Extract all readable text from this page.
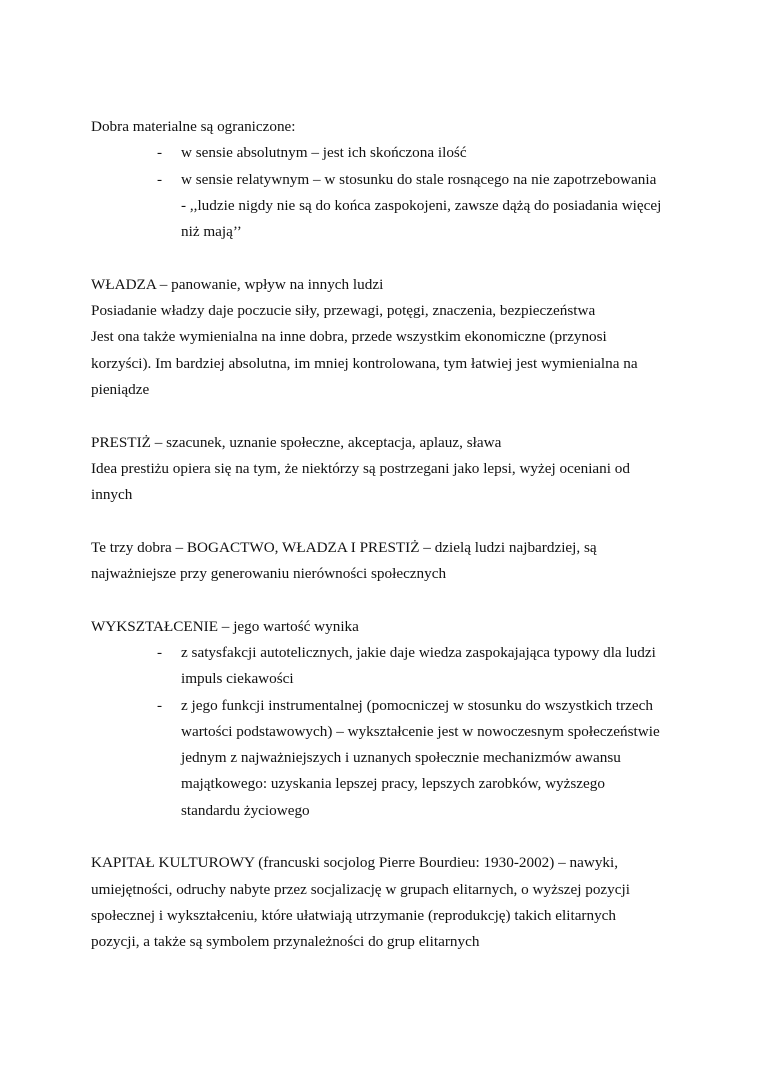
Dobra materialne są ograniczone:
- w sensie absolutnym – jest ich skończona ilość
- w sensie relatywnym – w stosunku do stale rosnącego na nie zapotrzebowania
- ,,ludzie nigdy nie są do końca zaspokojeni, zawsze dążą do posiadania więcej
niż mają’’
WŁADZA – panowanie, wpływ na innych ludzi
Posiadanie władzy daje poczucie siły, przewagi, potęgi, znaczenia, bezpieczeństwa
Jest ona także wymienialna na inne dobra, przede wszystkim ekonomiczne (przynosi
korzyści). Im bardziej absolutna, im mniej kontrolowana, tym łatwiej jest wymienialna na
pieniądze
PRESTIŻ – szacunek, uznanie społeczne, akceptacja, aplauz, sława
Idea prestiżu opiera się na tym, że niektórzy są postrzegani jako lepsi, wyżej oceniani od
innych
Te trzy dobra – BOGACTWO, WŁADZA I PRESTIŻ – dzielą ludzi najbardziej, są
najważniejsze przy generowaniu nierówności społecznych
WYKSZTAŁCENIE – jego wartość wynika
- z satysfakcji autotelicznych, jakie daje wiedza zaspokajająca typowy dla ludzi
impuls ciekawości
- z jego funkcji instrumentalnej (pomocniczej w stosunku do wszystkich trzech
wartości podstawowych) – wykształcenie jest w nowoczesnym społeczeństwie
jednym z najważniejszych i uznanych społecznie mechanizmów awansu
majątkowego: uzyskania lepszej pracy, lepszych zarobków, wyższego
standardu życiowego
KAPITAŁ KULTUROWY (francuski socjolog Pierre Bourdieu: 1930-2002) – nawyki,
umiejętności, odruchy nabyte przez socjalizację w grupach elitarnych, o wyższej pozycji
społecznej i wykształceniu, które ułatwiają utrzymanie (reprodukcję) takich elitarnych
pozycji, a także są symbolem przynależności do grup elitarnych
